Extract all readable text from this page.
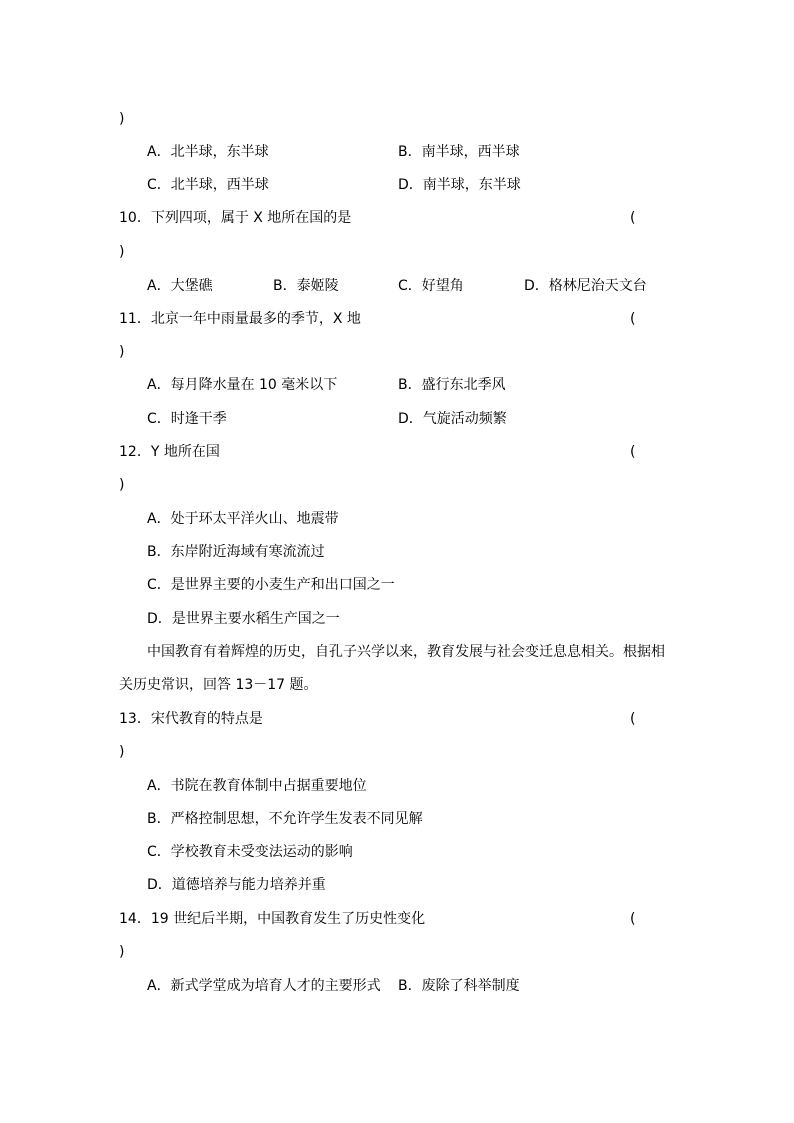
)
A．北半球，东半球	B．南半球，西半球
C．北半球，西半球	D．南半球，东半球
10．下列四项，属于 X 地所在国的是	(
)
A．大堡礁	B．泰姬陵	C．好望角	D．格林尼治天文台
11．北京一年中雨量最多的季节，X 地	(
)
A．每月降水量在 10 毫米以下	B．盛行东北季风
C．时逢干季	D．气旋活动频繁
12．Y 地所在国	(
)
A．处于环太平洋火山、地震带
B．东岸附近海域有寒流流过
C．是世界主要的小麦生产和出口国之一
D．是世界主要水稻生产国之一
中国教育有着辉煌的历史，自孔子兴学以来，教育发展与社会变迁息息相关。根据相
关历史常识，回答 13－17 题。
13．宋代教育的特点是	(
)
A．书院在教育体制中占据重要地位
B．严格控制思想，不允许学生发表不同见解
C．学校教育未受变法运动的影响
D．道德培养与能力培养并重
14．19 世纪后半期，中国教育发生了历史性变化	(
)
A．新式学堂成为培育人才的主要形式 B．废除了科举制度
